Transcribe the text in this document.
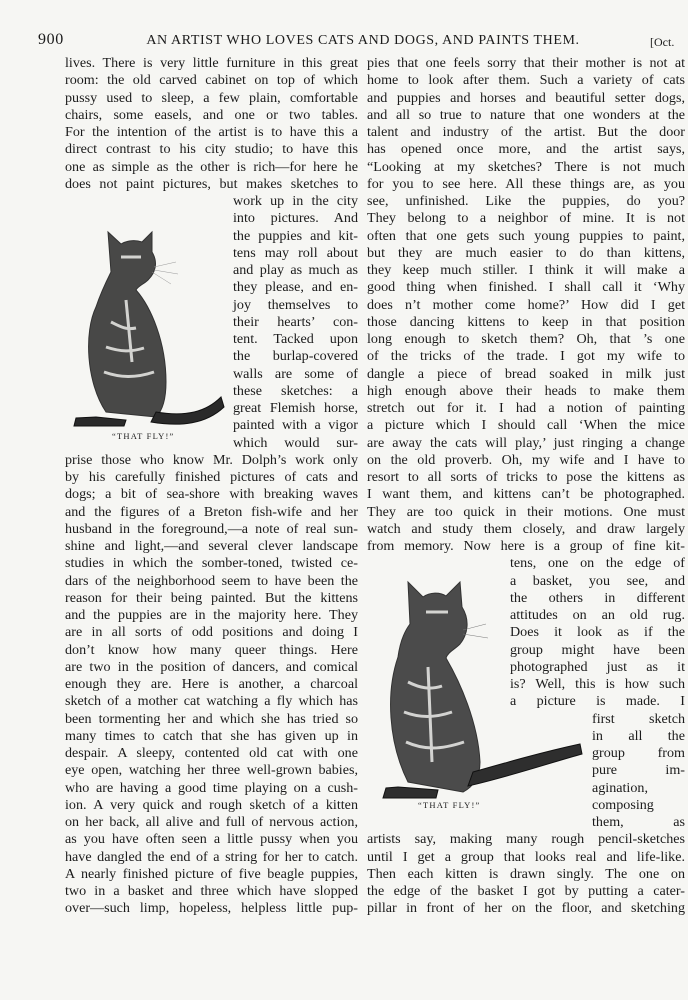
900	AN ARTIST WHO LOVES CATS AND DOGS, AND PAINTS THEM.	[Oct.
lives. There is very little furniture in this great
room: the old carved cabinet on top of which
pussy used to sleep, a few plain, comfortable
chairs, some easels, and one or two tables.
For the intention of the artist is to have this a
direct contrast to his city studio; to have this
one as simple as the other is rich—for here he
does not paint pictures, but makes sketches to
work up in the city
into pictures. And
the puppies and kit-
tens may roll about
and play as much as
they please, and en-
joy themselves to
their hearts’ con-
tent. Tacked upon
the burlap-covered
walls are some of
these sketches: a
great Flemish horse,
painted with a vigor
which would sur-
prise those who know Mr. Dolph’s work only
by his carefully finished pictures of cats and
dogs; a bit of sea-shore with breaking waves
and the figures of a Breton fish-wife and her
husband in the foreground,—a note of real sun-
shine and light,—and several clever landscape
studies in which the somber-toned, twisted ce-
dars of the neighborhood seem to have been the
reason for their being painted. But the kittens
and the puppies are in the majority here. They
are in all sorts of odd positions and doing I
don’t know how many queer things. Here
are two in the position of dancers, and comical
enough they are. Here is another, a charcoal
sketch of a mother cat watching a fly which has
been tormenting her and which she has tried so
many times to catch that she has given up in
despair. A sleepy, contented old cat with one
eye open, watching her three well-grown babies,
who are having a good time playing on a cush-
ion. A very quick and rough sketch of a kitten
on her back, all alive and full of nervous action,
as you have often seen a little pussy when you
have dangled the end of a string for her to catch.
A nearly finished picture of five beagle puppies,
two in a basket and three which have slopped
over—such limp, hopeless, helpless little pup-
pies that one feels sorry that their mother is not at
home to look after them. Such a variety of cats
and puppies and horses and beautiful setter dogs,
and all so true to nature that one wonders at the
talent and industry of the artist. But the door
has opened once more, and the artist says,
“Looking at my sketches? There is not much
for you to see here. All these things are, as you
see, unfinished. Like the puppies, do you?
They belong to a neighbor of mine. It is not
often that one gets such young puppies to paint,
but they are much easier to do than kittens,
they keep much stiller. I think it will make a
good thing when finished. I shall call it ‘Why
does n’t mother come home?’ How did I get
those dancing kittens to keep in that position
long enough to sketch them? Oh, that ’s one
of the tricks of the trade. I got my wife to
dangle a piece of bread soaked in milk just
high enough above their heads to make them
stretch out for it. I had a notion of painting
a picture which I should call ‘When the mice
are away the cats will play,’ just ringing a change
on the old proverb. Oh, my wife and I have to
resort to all sorts of tricks to pose the kittens as
I want them, and kittens can’t be photographed.
They are too quick in their motions. One must
watch and study them closely, and draw largely
from memory. Now here is a group of fine kit-
tens, one on the edge of
a basket, you see, and
the others in different
attitudes on an old rug.
Does it look as if the
group might have been
photographed just as it
is? Well, this is how such
a picture is made. I
first sketch
in all the
group from
pure im-
agination,
composing
them, as
artists say, making many rough pencil-sketches
until I get a group that looks real and life-like.
Then each kitten is drawn singly. The one on
the edge of the basket I got by putting a cater-
pillar in front of her on the floor, and sketching
“THAT FLY!”
“THAT FLY!”
